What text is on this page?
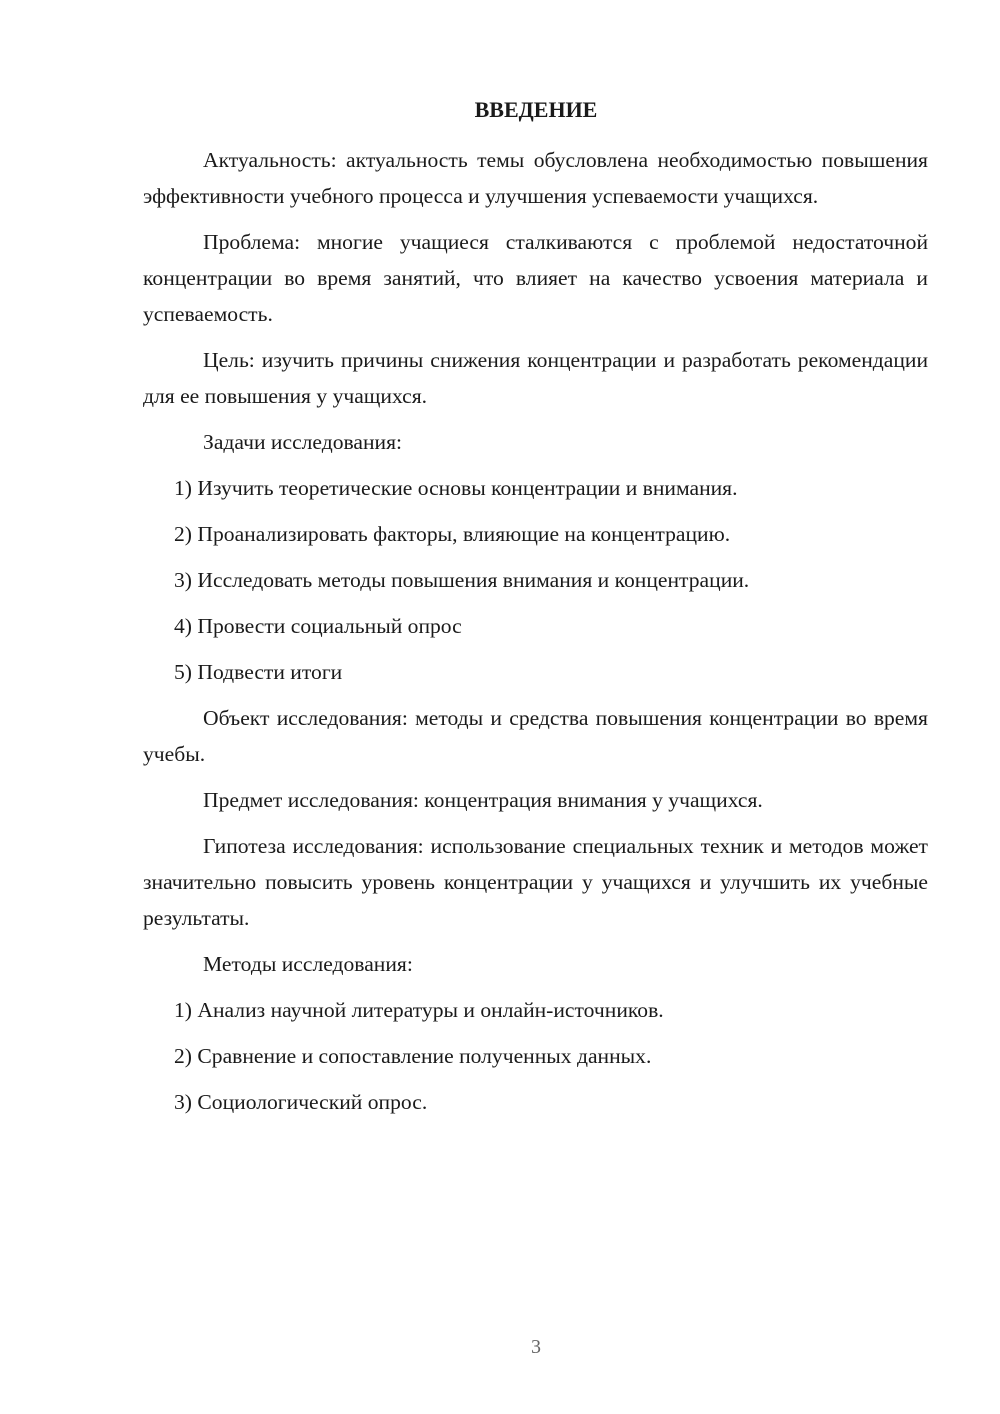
ВВЕДЕНИЕ

Актуальность: актуальность темы обусловлена необходимостью повышения эффективности учебного процесса и улучшения успеваемости учащихся.

Проблема: многие учащиеся сталкиваются с проблемой недостаточной концентрации во время занятий, что влияет на качество усвоения материала и успеваемость.

Цель: изучить причины снижения концентрации и разработать рекомендации для ее повышения у учащихся.

Задачи исследования:

1) Изучить теоретические основы концентрации и внимания.
2) Проанализировать факторы, влияющие на концентрацию.
3) Исследовать методы повышения внимания и концентрации.
4) Провести социальный опрос
5) Подвести итоги

Объект исследования: методы и средства повышения концентрации во время учебы.

Предмет исследования: концентрация внимания у учащихся.

Гипотеза исследования: использование специальных техник и методов может значительно повысить уровень концентрации у учащихся и улучшить их учебные результаты.

Методы исследования:

1) Анализ научной литературы и онлайн-источников.
2) Сравнение и сопоставление полученных данных.
3) Социологический опрос.
3
